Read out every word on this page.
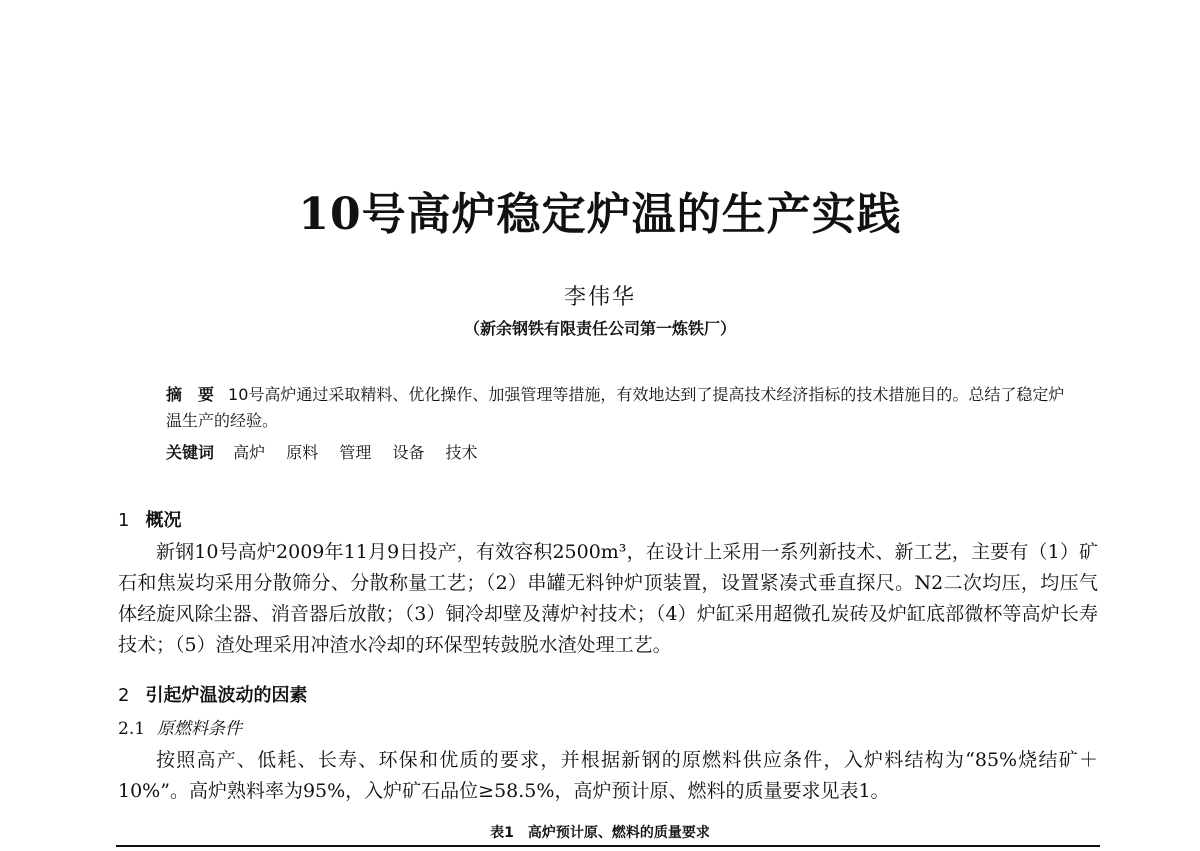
10号高炉稳定炉温的生产实践
李伟华
（新余钢铁有限责任公司第一炼铁厂）
摘　要 10号高炉通过采取精料、优化操作、加强管理等措施，有效地达到了提高技术经济指标的技术措施目的。总结了稳定炉温生产的经验。
关键词 高炉 原料 管理 设备 技术
1 概况
新钢10号高炉2009年11月9日投产，有效容积2500m³，在设计上采用一系列新技术、新工艺，主要有（1）矿石和焦炭均采用分散筛分、分散称量工艺；（2）串罐无料钟炉顶装置，设置紧凑式垂直探尺。N2二次均压，均压气体经旋风除尘器、消音器后放散；（3）铜冷却壁及薄炉衬技术；（4）炉缸采用超微孔炭砖及炉缸底部微杯等高炉长寿技术；（5）渣处理采用冲渣水冷却的环保型转鼓脱水渣处理工艺。
2 引起炉温波动的因素
2.1 原燃料条件
按照高产、低耗、长寿、环保和优质的要求，并根据新钢的原燃料供应条件，入炉料结构为“85%烧结矿＋10%”。高炉熟料率为95%，入炉矿石品位≥58.5%，高炉预计原、燃料的质量要求见表1。
表1 高炉预计原、燃料的质量要求
